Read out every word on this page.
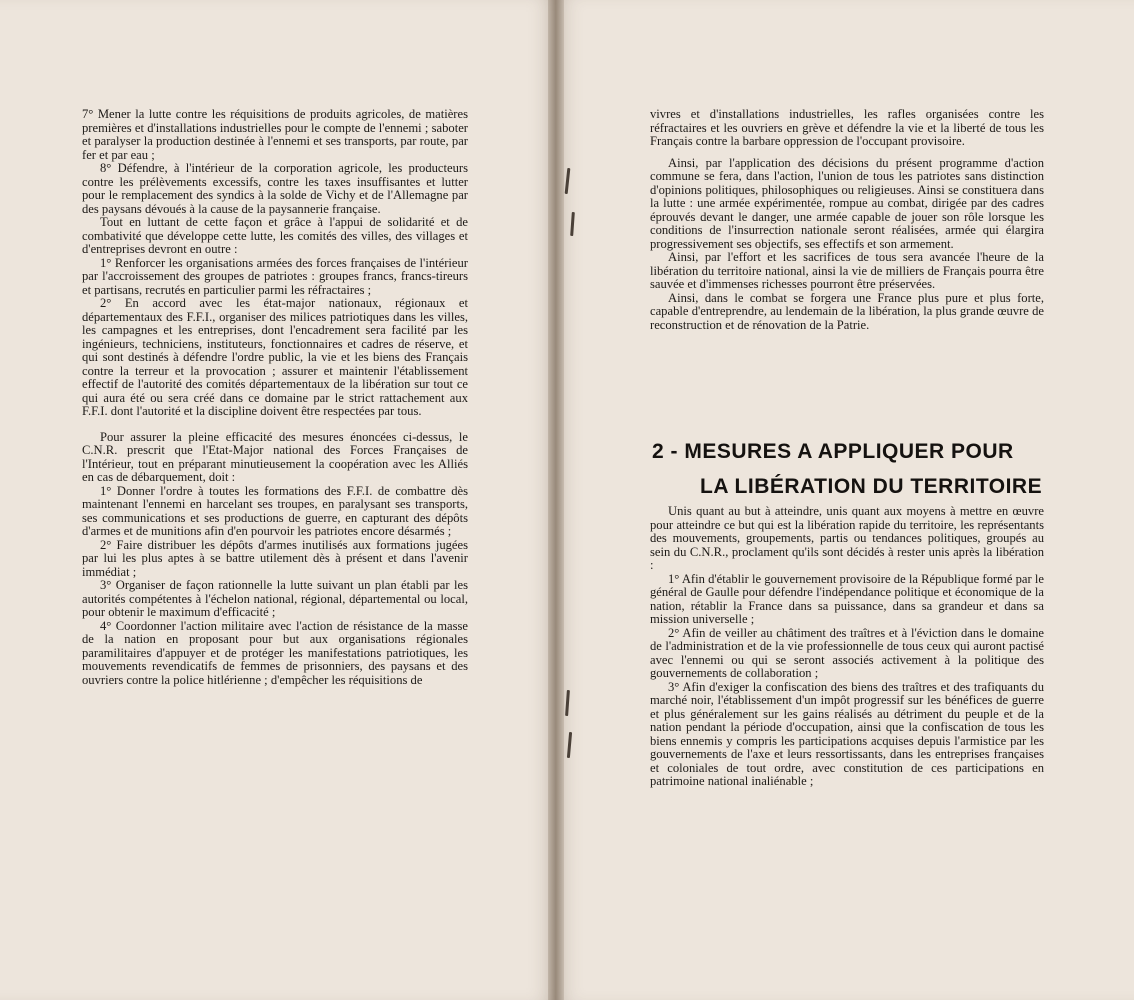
7° Mener la lutte contre les réquisitions de produits agricoles, de matières premières et d'installations industrielles pour le compte de l'ennemi ; saboter et paralyser la production destinée à l'ennemi et ses transports, par route, par fer et par eau ;

8° Défendre, à l'intérieur de la corporation agricole, les producteurs contre les prélèvements excessifs, contre les taxes insuffisantes et lutter pour le remplacement des syndics à la solde de Vichy et de l'Allemagne par des paysans dévoués à la cause de la paysannerie française.

Tout en luttant de cette façon et grâce à l'appui de solidarité et de combativité que développe cette lutte, les comités des villes, des villages et d'entreprises devront en outre :

1° Renforcer les organisations armées des forces françaises de l'intérieur par l'accroissement des groupes de patriotes : groupes francs, francs-tireurs et partisans, recrutés en particulier parmi les réfractaires ;

2° En accord avec les état-major nationaux, régionaux et départementaux des F.F.I., organiser des milices patriotiques dans les villes, les campagnes et les entreprises, dont l'encadrement sera facilité par les ingénieurs, techniciens, instituteurs, fonctionnaires et cadres de réserve, et qui sont destinés à défendre l'ordre public, la vie et les biens des Français contre la terreur et la provocation ; assurer et maintenir l'établissement effectif de l'autorité des comités départementaux de la libération sur tout ce qui aura été ou sera créé dans ce domaine par le strict rattachement aux F.F.I. dont l'autorité et la discipline doivent être respectées par tous.

Pour assurer la pleine efficacité des mesures énoncées ci-dessus, le C.N.R. prescrit que l'Etat-Major national des Forces Françaises de l'Intérieur, tout en préparant minutieusement la coopération avec les Alliés en cas de débarquement, doit :

1° Donner l'ordre à toutes les formations des F.F.I. de combattre dès maintenant l'ennemi en harcelant ses troupes, en paralysant ses transports, ses communications et ses productions de guerre, en capturant des dépôts d'armes et de munitions afin d'en pourvoir les patriotes encore désarmés ;

2° Faire distribuer les dépôts d'armes inutilisés aux formations jugées par lui les plus aptes à se battre utilement dès à présent et dans l'avenir immédiat ;

3° Organiser de façon rationnelle la lutte suivant un plan établi par les autorités compétentes à l'échelon national, régional, départemental ou local, pour obtenir le maximum d'efficacité ;

4° Coordonner l'action militaire avec l'action de résistance de la masse de la nation en proposant pour but aux organisations régionales paramilitaires d'appuyer et de protéger les manifestations patriotiques, les mouvements revendicatifs de femmes de prisonniers, des paysans et des ouvriers contre la police hitlérienne ; d'empêcher les réquisitions de

vivres et d'installations industrielles, les rafles organisées contre les réfractaires et les ouvriers en grève et défendre la vie et la liberté de tous les Français contre la barbare oppression de l'occupant provisoire.

Ainsi, par l'application des décisions du présent programme d'action commune se fera, dans l'action, l'union de tous les patriotes sans distinction d'opinions politiques, philosophiques ou religieuses. Ainsi se constituera dans la lutte : une armée expérimentée, rompue au combat, dirigée par des cadres éprouvés devant le danger, une armée capable de jouer son rôle lorsque les conditions de l'insurrection nationale seront réalisées, armée qui élargira progressivement ses objectifs, ses effectifs et son armement.

Ainsi, par l'effort et les sacrifices de tous sera avancée l'heure de la libération du territoire national, ainsi la vie de milliers de Français pourra être sauvée et d'immenses richesses pourront être préservées.

Ainsi, dans le combat se forgera une France plus pure et plus forte, capable d'entreprendre, au lendemain de la libération, la plus grande œuvre de reconstruction et de rénovation de la Patrie.

2 - MESURES A APPLIQUER POUR
LA LIBÉRATION DU TERRITOIRE

Unis quant au but à atteindre, unis quant aux moyens à mettre en œuvre pour atteindre ce but qui est la libération rapide du territoire, les représentants des mouvements, groupements, partis ou tendances politiques, groupés au sein du C.N.R., proclament qu'ils sont décidés à rester unis après la libération :

1° Afin d'établir le gouvernement provisoire de la République formé par le général de Gaulle pour défendre l'indépendance politique et économique de la nation, rétablir la France dans sa puissance, dans sa grandeur et dans sa mission universelle ;

2° Afin de veiller au châtiment des traîtres et à l'éviction dans le domaine de l'administration et de la vie professionnelle de tous ceux qui auront pactisé avec l'ennemi ou qui se seront associés activement à la politique des gouvernements de collaboration ;

3° Afin d'exiger la confiscation des biens des traîtres et des trafiquants du marché noir, l'établissement d'un impôt progressif sur les bénéfices de guerre et plus généralement sur les gains réalisés au détriment du peuple et de la nation pendant la période d'occupation, ainsi que la confiscation de tous les biens ennemis y compris les participations acquises depuis l'armistice par les gouvernements de l'axe et leurs ressortissants, dans les entreprises françaises et coloniales de tout ordre, avec constitution de ces participations en patrimoine national inaliénable ;
